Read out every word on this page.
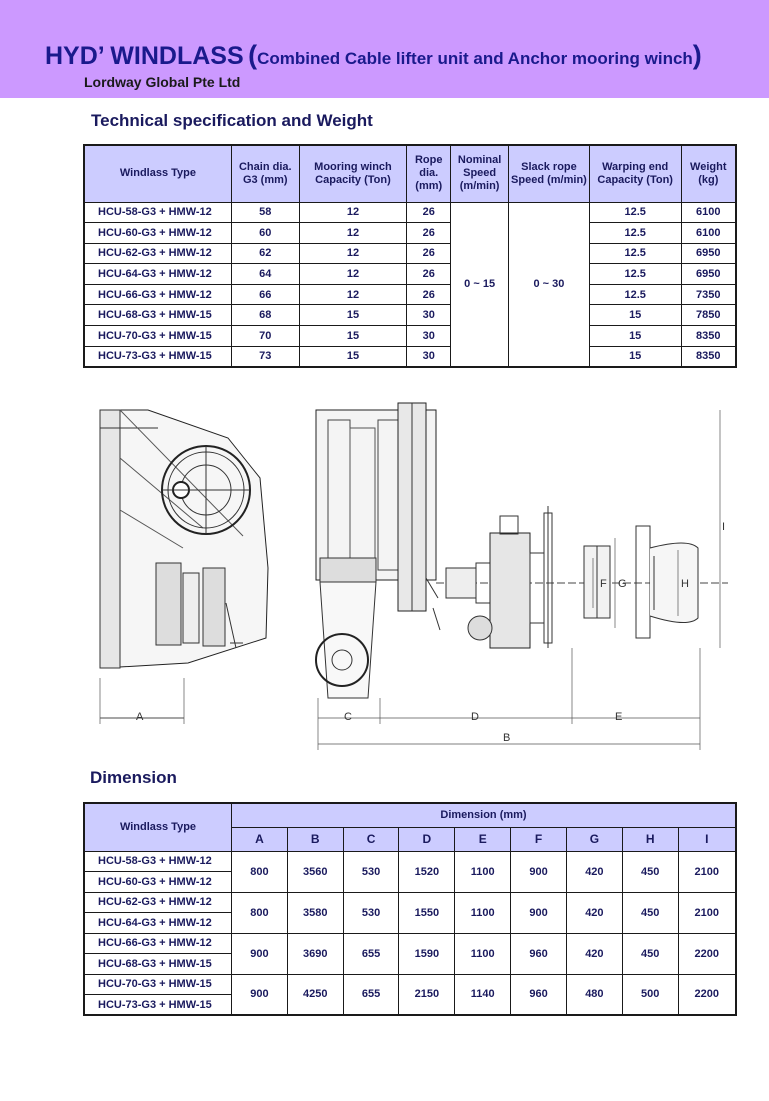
HYD’ WINDLASS (Combined Cable lifter unit and Anchor mooring winch)
Lordway Global Pte Ltd
Technical specification and Weight
Windlass Type	Chain dia. G3 (mm)	Mooring winch Capacity (Ton)	Rope dia. (mm)	Nominal Speed (m/min)	Slack rope Speed (m/min)	Warping end Capacity (Ton)	Weight (kg)
HCU-58-G3 + HMW-12	58	12	26	0 ~ 15	0 ~ 30	12.5	6100
HCU-60-G3 + HMW-12	60	12	26			12.5	6100
HCU-62-G3 + HMW-12	62	12	26			12.5	6950
HCU-64-G3 + HMW-12	64	12	26			12.5	6950
HCU-66-G3 + HMW-12	66	12	26			12.5	7350
HCU-68-G3 + HMW-15	68	15	30			15	7850
HCU-70-G3 + HMW-15	70	15	30			15	8350
HCU-73-G3 + HMW-15	73	15	30			15	8350
A
B
C	D	E
F G	H
I
Dimension
Windlass Type	Dimension (mm)								
	A	B	C	D	E	F	G	H	I
HCU-58-G3 + HMW-12	800	3560	530	1520	1100	900	420	450	2100
HCU-60-G3 + HMW-12									
HCU-62-G3 + HMW-12	800	3580	530	1550	1100	900	420	450	2100
HCU-64-G3 + HMW-12									
HCU-66-G3 + HMW-12	900	3690	655	1590	1100	960	420	450	2200
HCU-68-G3 + HMW-15									
HCU-70-G3 + HMW-15	900	4250	655	2150	1140	960	480	500	2200
HCU-73-G3 + HMW-15									
